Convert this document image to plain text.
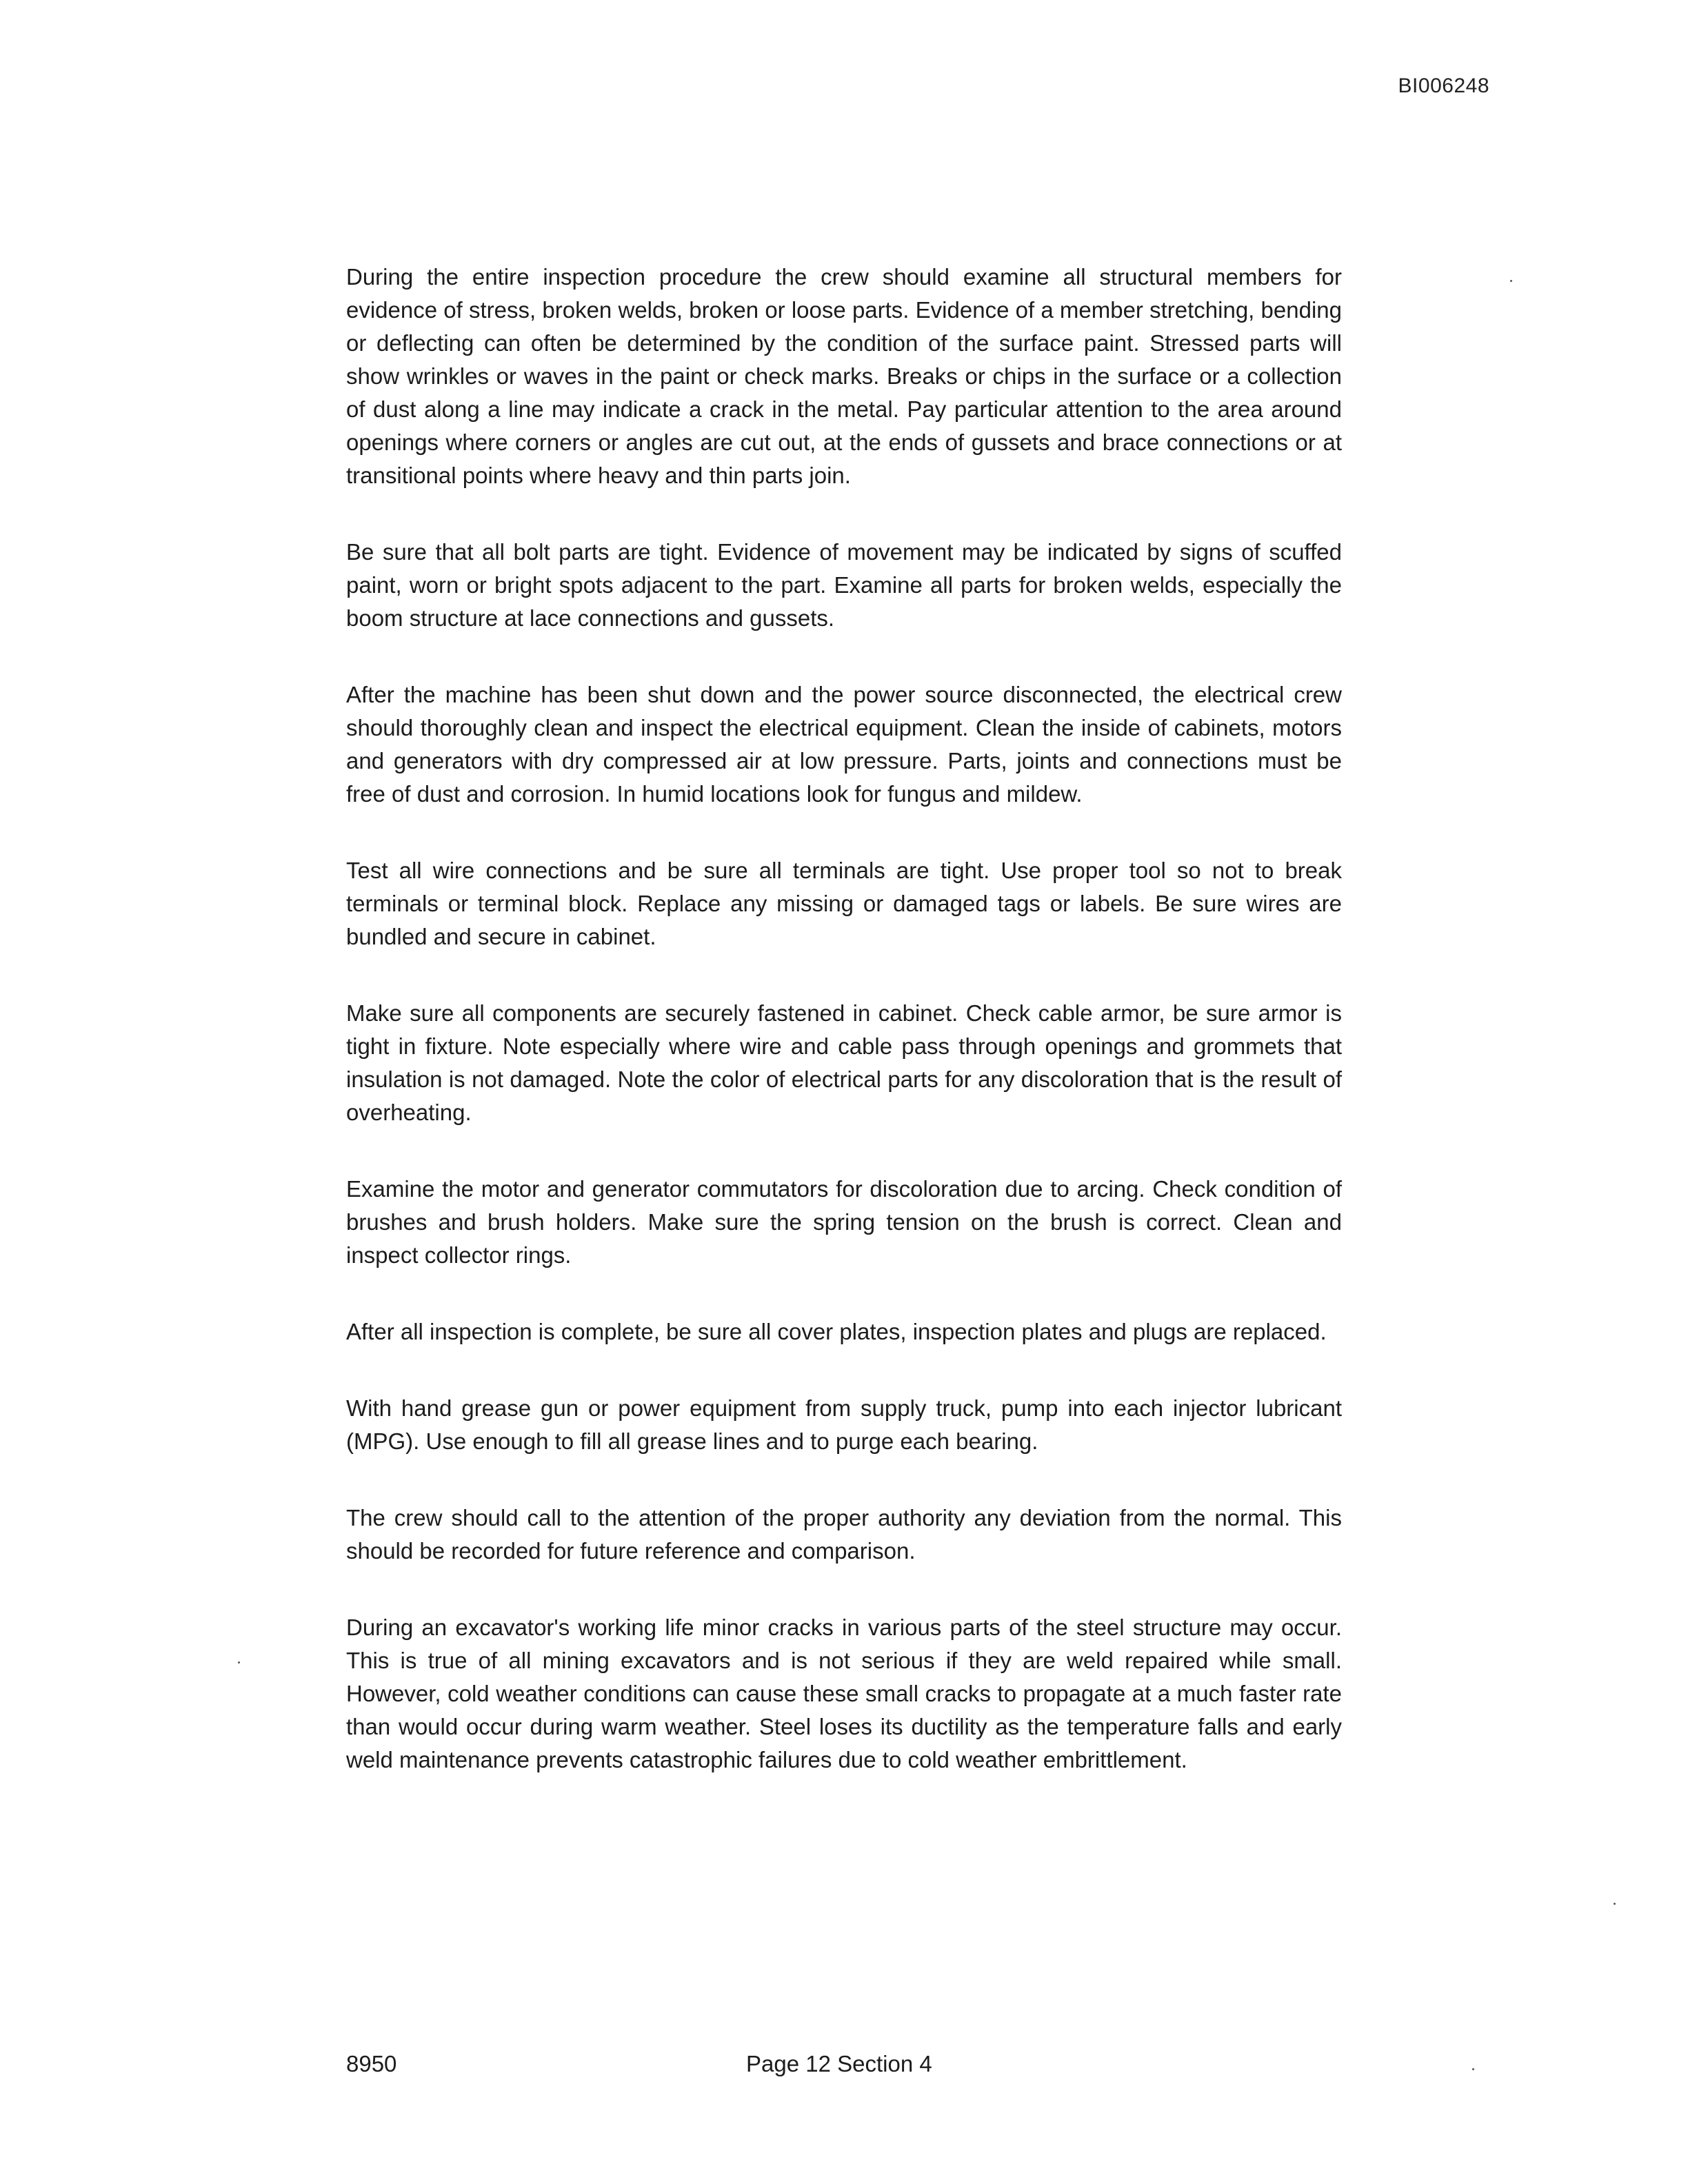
BI006248

During the entire inspection procedure the crew should examine all structural members for evidence of stress, broken welds, broken or loose parts. Evidence of a member stretching, bending or deflecting can often be determined by the condition of the surface paint. Stressed parts will show wrinkles or waves in the paint or check marks. Breaks or chips in the surface or a collection of dust along a line may indicate a crack in the metal. Pay particular attention to the area around openings where corners or angles are cut out, at the ends of gussets and brace connections or at transitional points where heavy and thin parts join.

Be sure that all bolt parts are tight. Evidence of movement may be indicated by signs of scuffed paint, worn or bright spots adjacent to the part. Examine all parts for broken welds, especially the boom structure at lace connections and gussets.

After the machine has been shut down and the power source disconnected, the electrical crew should thoroughly clean and inspect the electrical equipment. Clean the inside of cabinets, motors and generators with dry compressed air at low pressure. Parts, joints and connections must be free of dust and corrosion. In humid locations look for fungus and mildew.

Test all wire connections and be sure all terminals are tight. Use proper tool so not to break terminals or terminal block. Replace any missing or damaged tags or labels. Be sure wires are bundled and secure in cabinet.

Make sure all components are securely fastened in cabinet. Check cable armor, be sure armor is tight in fixture. Note especially where wire and cable pass through openings and grommets that insulation is not damaged. Note the color of electrical parts for any discoloration that is the result of overheating.

Examine the motor and generator commutators for discoloration due to arcing. Check condition of brushes and brush holders. Make sure the spring tension on the brush is correct. Clean and inspect collector rings.

After all inspection is complete, be sure all cover plates, inspection plates and plugs are replaced.

With hand grease gun or power equipment from supply truck, pump into each injector lubricant (MPG). Use enough to fill all grease lines and to purge each bearing.

The crew should call to the attention of the proper authority any deviation from the normal. This should be recorded for future reference and comparison.

During an excavator's working life minor cracks in various parts of the steel structure may occur. This is true of all mining excavators and is not serious if they are weld repaired while small. However, cold weather conditions can cause these small cracks to propagate at a much faster rate than would occur during warm weather. Steel loses its ductility as the temperature falls and early weld maintenance prevents catastrophic failures due to cold weather embrittlement.

8950	Page 12 Section 4
